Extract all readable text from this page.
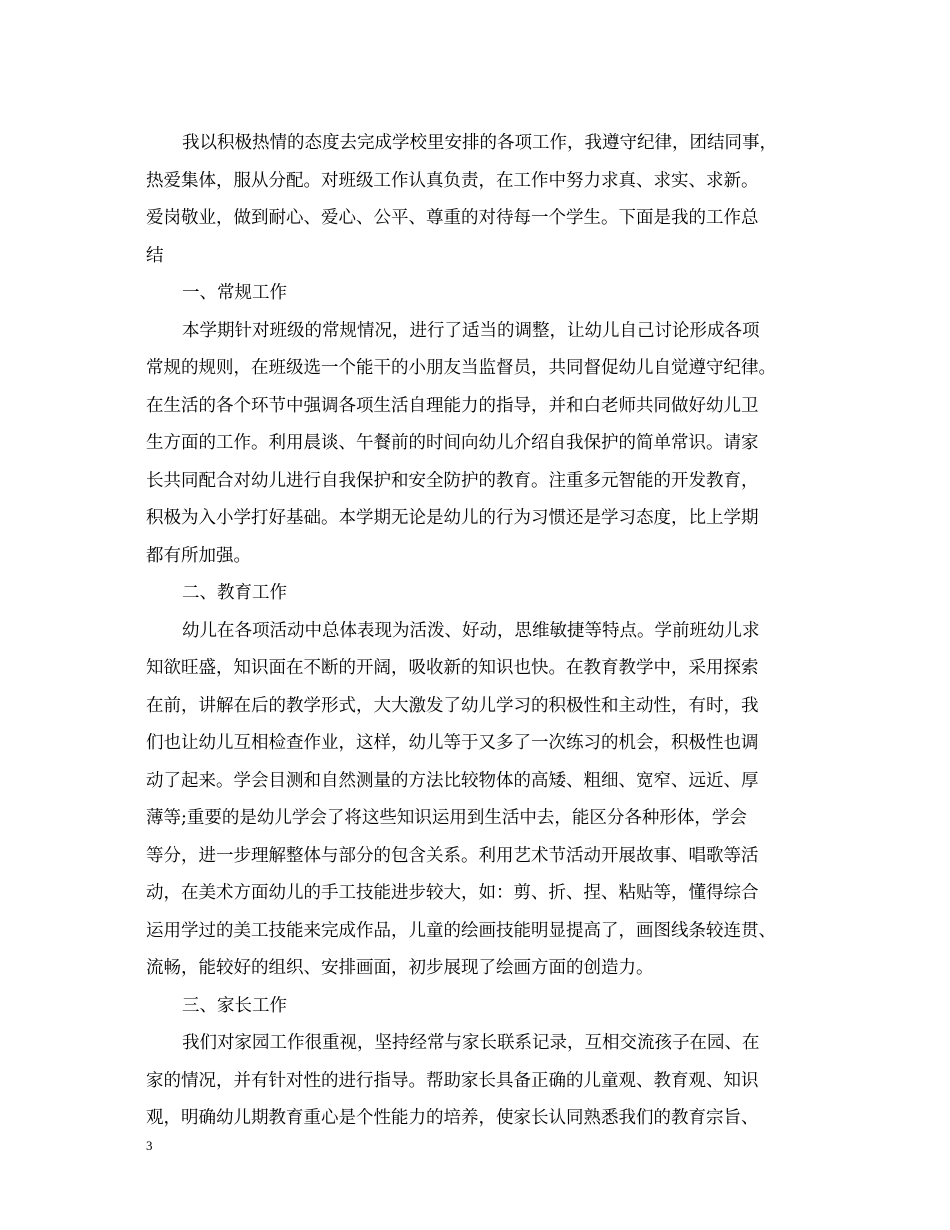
我以积极热情的态度去完成学校里安排的各项工作，我遵守纪律，团结同事，
热爱集体，服从分配。对班级工作认真负责，在工作中努力求真、求实、求新。
爱岗敬业，做到耐心、爱心、公平、尊重的对待每一个学生。下面是我的工作总
结
一、常规工作
本学期针对班级的常规情况，进行了适当的调整，让幼儿自己讨论形成各项
常规的规则，在班级选一个能干的小朋友当监督员，共同督促幼儿自觉遵守纪律。
在生活的各个环节中强调各项生活自理能力的指导，并和白老师共同做好幼儿卫
生方面的工作。利用晨谈、午餐前的时间向幼儿介绍自我保护的简单常识。请家
长共同配合对幼儿进行自我保护和安全防护的教育。注重多元智能的开发教育，
积极为入小学打好基础。本学期无论是幼儿的行为习惯还是学习态度，比上学期
都有所加强。
二、教育工作
幼儿在各项活动中总体表现为活泼、好动，思维敏捷等特点。学前班幼儿求
知欲旺盛，知识面在不断的开阔，吸收新的知识也快。在教育教学中，采用探索
在前，讲解在后的教学形式，大大激发了幼儿学习的积极性和主动性，有时，我
们也让幼儿互相检查作业，这样，幼儿等于又多了一次练习的机会，积极性也调
动了起来。学会目测和自然测量的方法比较物体的高矮、粗细、宽窄、远近、厚
薄等;重要的是幼儿学会了将这些知识运用到生活中去，能区分各种形体，学会
等分，进一步理解整体与部分的包含关系。利用艺术节活动开展故事、唱歌等活
动，在美术方面幼儿的手工技能进步较大，如：剪、折、捏、粘贴等，懂得综合
运用学过的美工技能来完成作品，儿童的绘画技能明显提高了，画图线条较连贯、
流畅，能较好的组织、安排画面，初步展现了绘画方面的创造力。
三、家长工作
我们对家园工作很重视，坚持经常与家长联系记录，互相交流孩子在园、在
家的情况，并有针对性的进行指导。帮助家长具备正确的儿童观、教育观、知识
观，明确幼儿期教育重心是个性能力的培养，使家长认同熟悉我们的教育宗旨、
3
